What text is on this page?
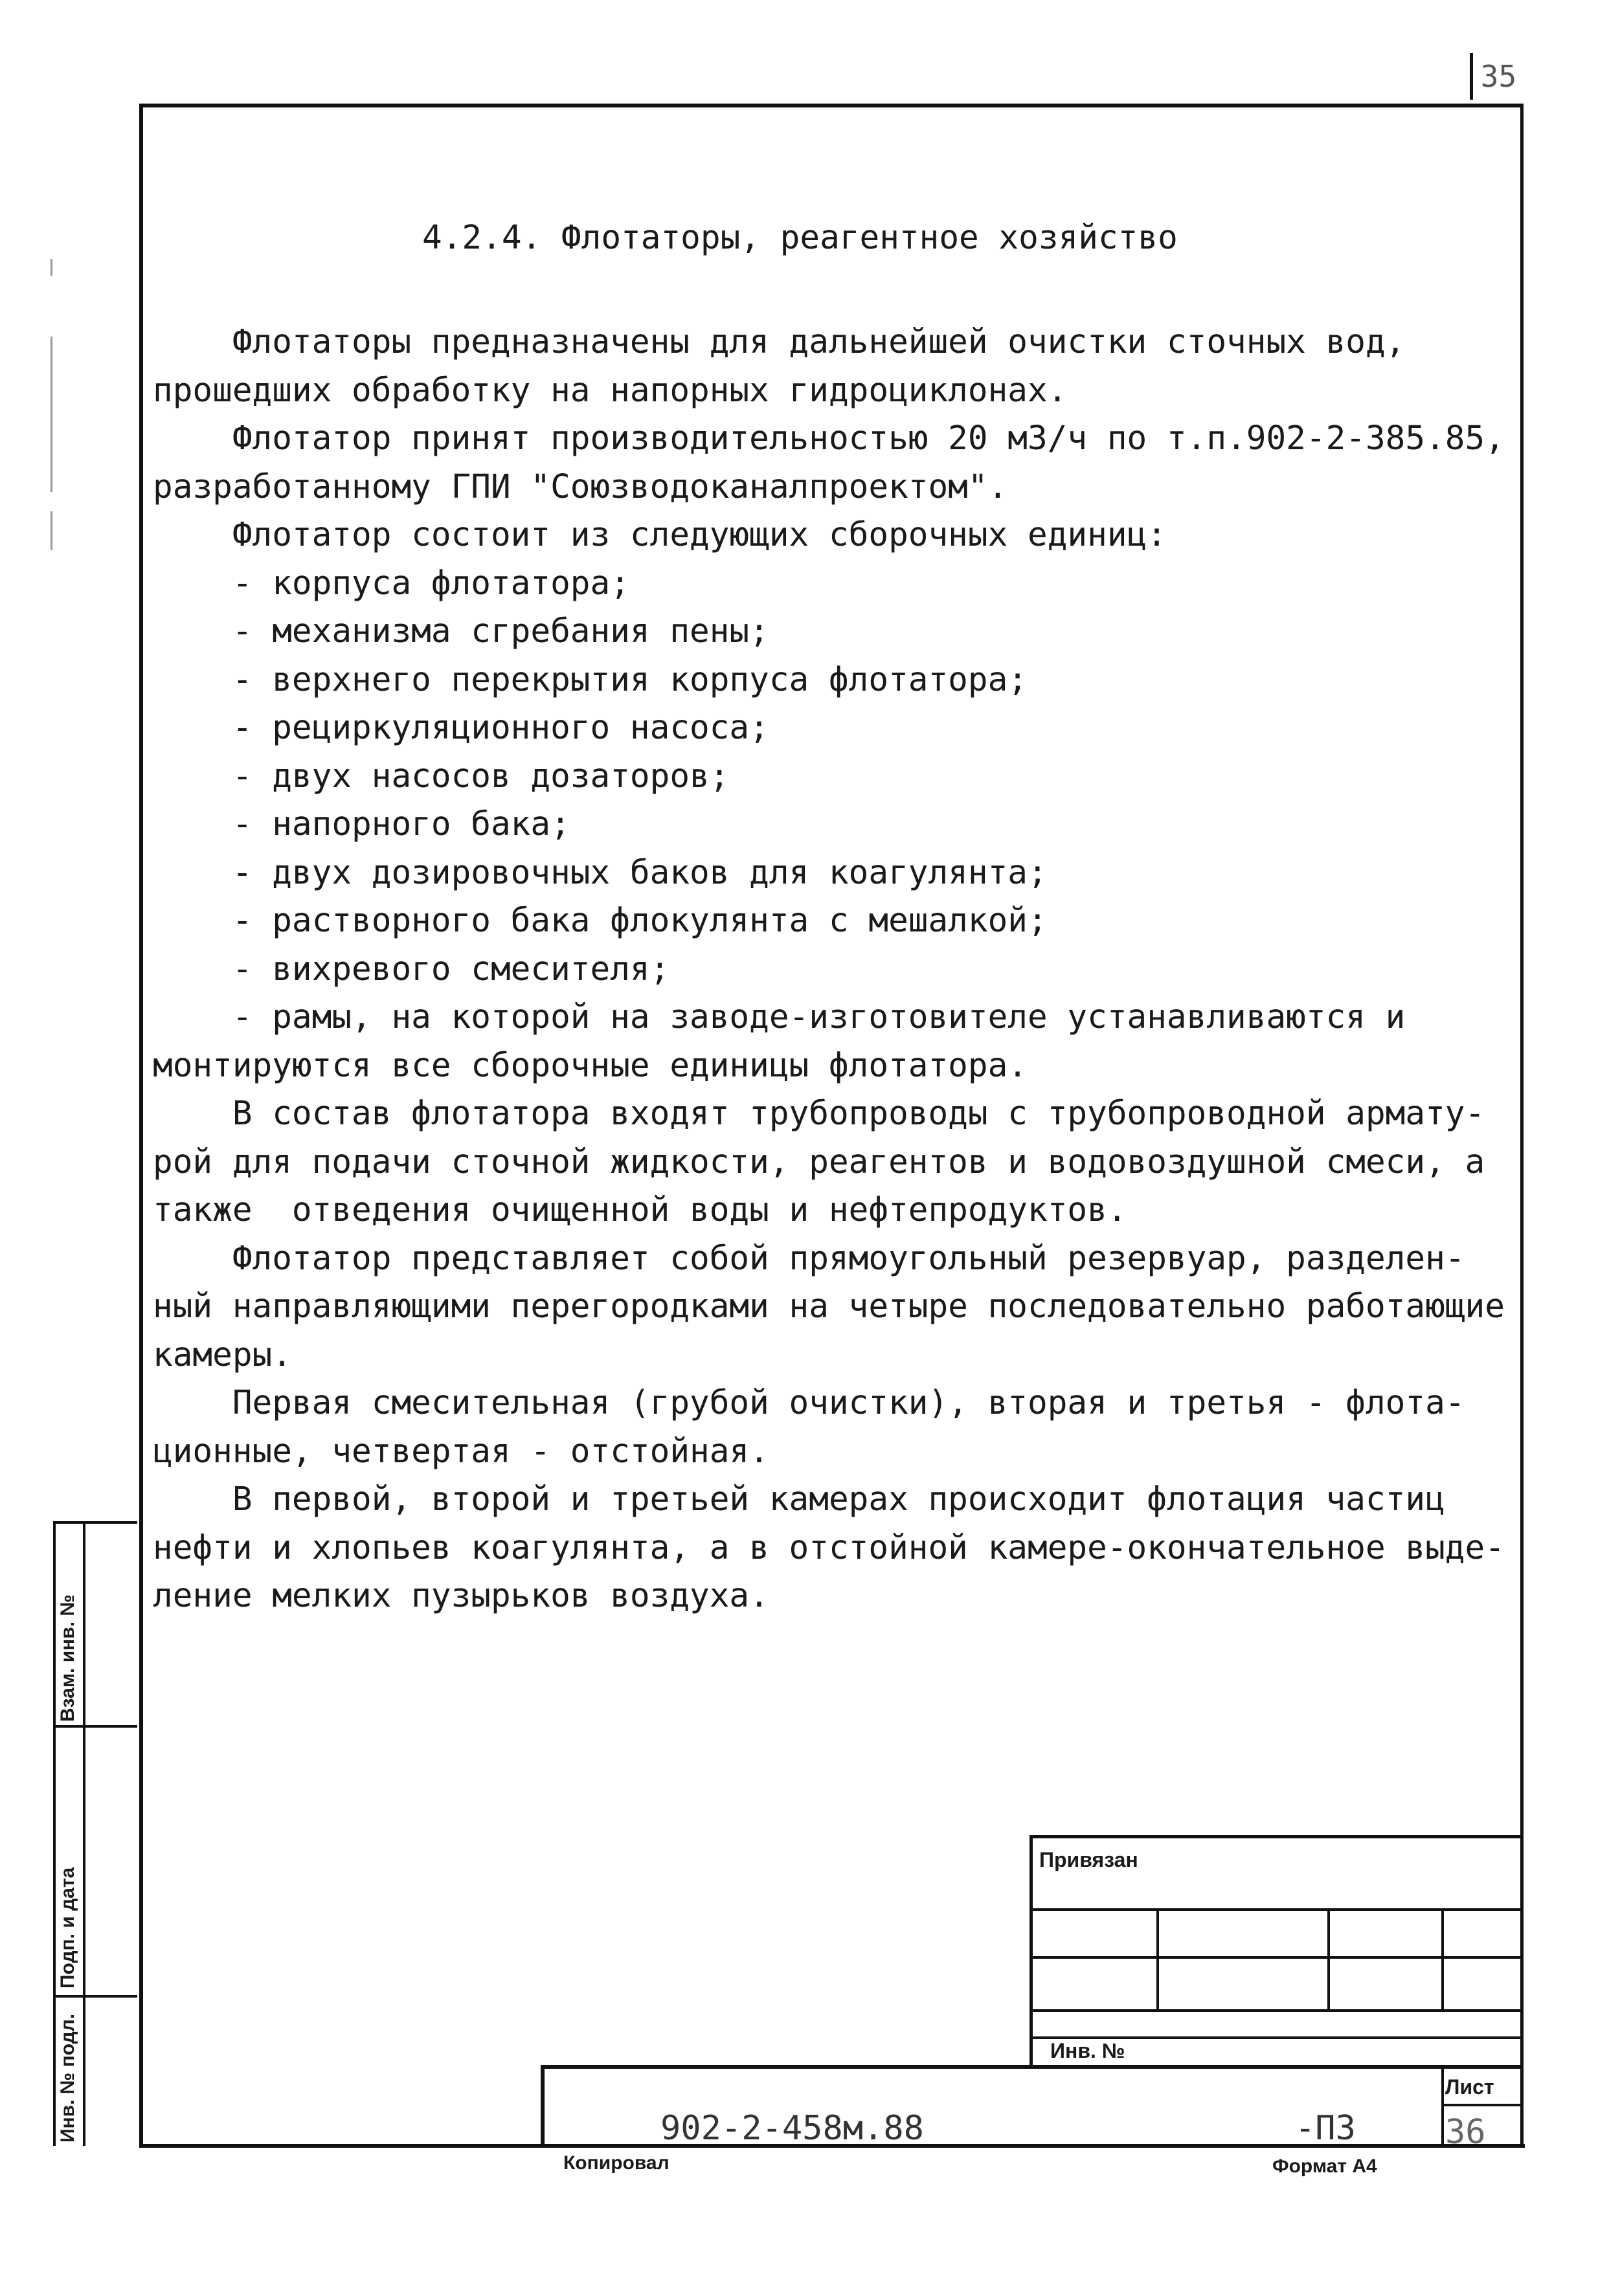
35
4.2.4. Флотаторы, реагентное хозяйство
Флотаторы предназначены для дальнейшей очистки сточных вод,
прошедших обработку на напорных гидроциклонах.
Флотатор принят производительностью 20 м3/ч по т.п.902-2-385.85,
разработанному ГПИ "Союзводоканалпроектом".
Флотатор состоит из следующих сборочных единиц:
- корпуса флотатора;
- механизма сгребания пены;
- верхнего перекрытия корпуса флотатора;
- рециркуляционного насоса;
- двух насосов дозаторов;
- напорного бака;
- двух дозировочных баков для коагулянта;
- растворного бака флокулянта с мешалкой;
- вихревого смесителя;
- рамы, на которой на заводе-изготовителе устанавливаются и
монтируются все сборочные единицы флотатора.
В состав флотатора входят трубопроводы с трубопроводной армату-
рой для подачи сточной жидкости, реагентов и водовоздушной смеси, а
также  отведения очищенной воды и нефтепродуктов.
Флотатор представляет собой прямоугольный резервуар, разделен-
ный направляющими перегородками на четыре последовательно работающие
камеры.
Первая смесительная (грубой очистки), вторая и третья - флота-
ционные, четвертая - отстойная.
В первой, второй и третьей камерах происходит флотация частиц
нефти и хлопьев коагулянта, а в отстойной камере-окончательное выде-
ление мелких пузырьков воздуха.
Взам. инв. №
Подп. и дата
Инв. № подл.
Привязан
Инв. №
902-2-458м.88	-ПЗ
Лист
36
Копировал	Формат А4
